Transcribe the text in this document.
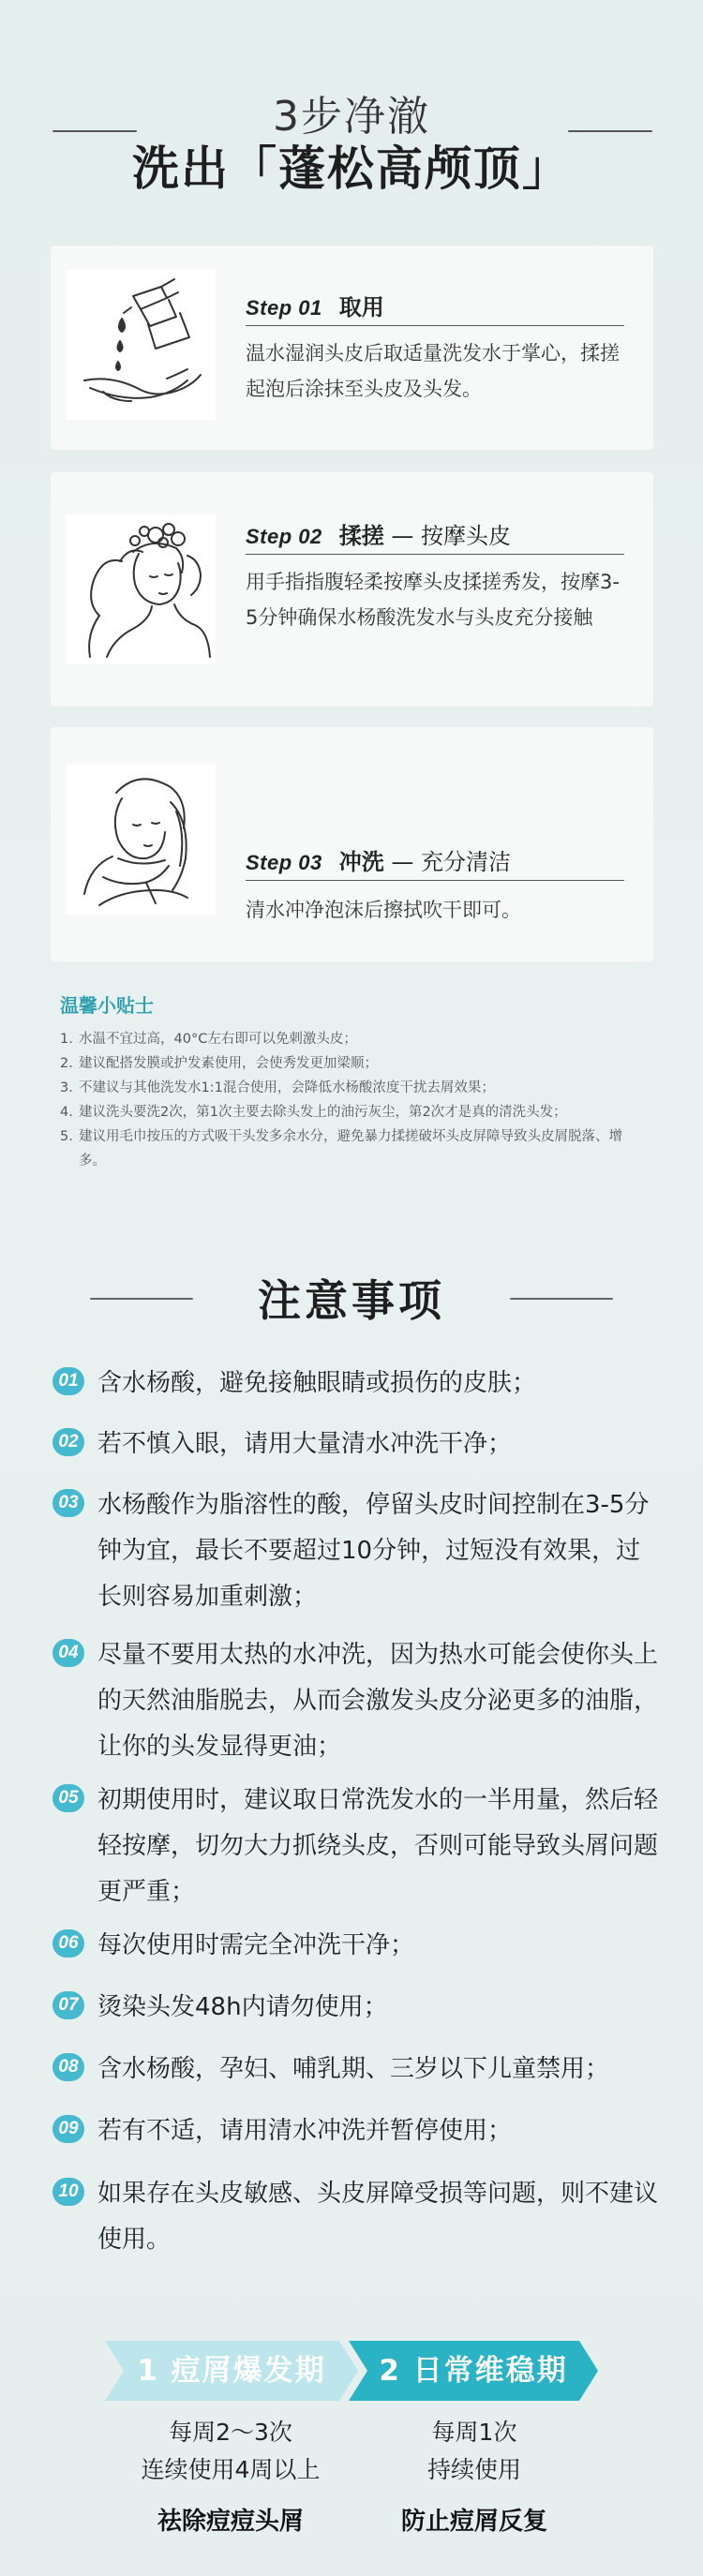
3步净澈
洗出「蓬松高颅顶」
Step 01 取用
温水湿润头皮后取适量洗发水于掌心，揉搓起泡后涂抹至头皮及头发。
Step 02 揉搓 — 按摩头皮
用手指指腹轻柔按摩头皮揉搓秀发，按摩3-5分钟确保水杨酸洗发水与头皮充分接触
Step 03 冲洗 — 充分清洁
清水冲净泡沫后擦拭吹干即可。
温馨小贴士
1. 水温不宜过高，40°C左右即可以免刺激头皮；
2. 建议配搭发膜或护发素使用，会使秀发更加梁顺；
3. 不建议与其他洗发水1:1混合使用，会降低水杨酸浓度干扰去屑效果；
4. 建议洗头要洗2次，第1次主要去除头发上的油污灰尘，第2次才是真的清洗头发；
5. 建议用毛巾按压的方式吸干头发多余水分，避免暴力揉搓破坏头皮屏障导致头皮屑脱落、增多。
注意事项
01 含水杨酸，避免接触眼睛或损伤的皮肤；
02 若不慎入眼，请用大量清水冲洗干净；
03 水杨酸作为脂溶性的酸，停留头皮时间控制在3-5分钟为宜，最长不要超过10分钟，过短没有效果，过长则容易加重刺激；
04 尽量不要用太热的水冲洗，因为热水可能会使你头上的天然油脂脱去，从而会激发头皮分泌更多的油脂，让你的头发显得更油；
05 初期使用时，建议取日常洗发水的一半用量，然后轻轻按摩，切勿大力抓绕头皮，否则可能导致头屑问题更严重；
06 每次使用时需完全冲洗干净；
07 烫染头发48h内请勿使用；
08 含水杨酸，孕妇、哺乳期、三岁以下儿童禁用；
09 若有不适，请用清水冲洗并暂停使用；
10 如果存在头皮敏感、头皮屏障受损等问题，则不建议使用。
1 痘屑爆发期	2 日常维稳期
每周2～3次
连续使用4周以上
祛除痘痘头屑
每周1次
持续使用
防止痘屑反复
